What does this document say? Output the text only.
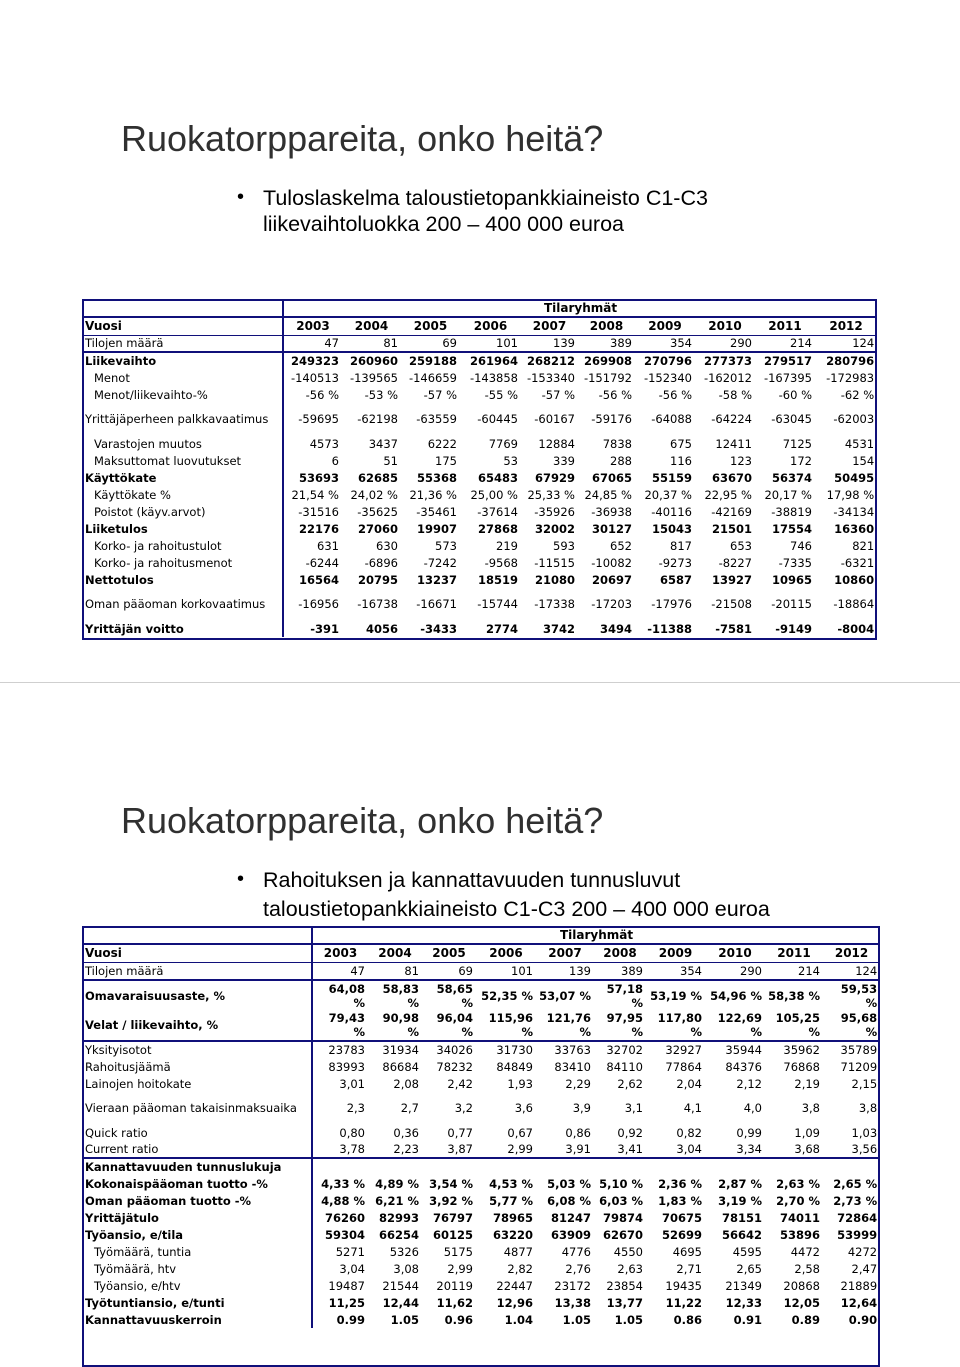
Ruokatorppareita, onko heitä?
• Tuloslaskelma taloustietopankkiaineisto C1-C3
liikevaihtoluokka 200 – 400 000 euroa
	Tilaryhmät									
Vuosi	2003	2004	2005	2006	2007	2008	2009	2010	2011	2012
Tilojen määrä	47	81	69	101	139	389	354	290	214	124
Liikevaihto	249323	260960	259188	261964	268212	269908	270796	277373	279517	280796
Menot	-140513	-139565	-146659	-143858	-153340	-151792	-152340	-162012	-167395	-172983
Menot/liikevaihto-%	-56 %	-53 %	-57 %	-55 %	-57 %	-56 %	-56 %	-58 %	-60 %	-62 %
Yrittäjäperheen palkkavaatimus	-59695	-62198	-63559	-60445	-60167	-59176	-64088	-64224	-63045	-62003
Varastojen muutos	4573	3437	6222	7769	12884	7838	675	12411	7125	4531
Maksuttomat luovutukset	6	51	175	53	339	288	116	123	172	154
Käyttökate	53693	62685	55368	65483	67929	67065	55159	63670	56374	50495
Käyttökate %	21,54 %	24,02 %	21,36 %	25,00 %	25,33 %	24,85 %	20,37 %	22,95 %	20,17 %	17,98 %
Poistot (käyv.arvot)	-31516	-35625	-35461	-37614	-35926	-36938	-40116	-42169	-38819	-34134
Liiketulos	22176	27060	19907	27868	32002	30127	15043	21501	17554	16360
Korko- ja rahoitustulot	631	630	573	219	593	652	817	653	746	821
Korko- ja rahoitusmenot	-6244	-6896	-7242	-9568	-11515	-10082	-9273	-8227	-7335	-6321
Nettotulos	16564	20795	13237	18519	21080	20697	6587	13927	10965	10860
Oman pääoman korkovaatimus	-16956	-16738	-16671	-15744	-17338	-17203	-17976	-21508	-20115	-18864
Yrittäjän voitto	-391	4056	-3433	2774	3742	3494	-11388	-7581	-9149	-8004
Ruokatorppareita, onko heitä?
• Rahoituksen ja kannattavuuden tunnusluvut
taloustietopankkiaineisto C1-C3 200 – 400 000 euroa
	Tilaryhmät									
Vuosi	2003	2004	2005	2006	2007	2008	2009	2010	2011	2012
Tilojen määrä	47	81	69	101	139	389	354	290	214	124
Omavaraisuusaste, %	64,08 %	58,83 %	58,65 %	52,35 %	53,07 %	57,18 %	53,19 %	54,96 %	58,38 %	59,53 %
Velat / liikevaihto, %	79,43 %	90,98 %	96,04 %	115,96 %	121,76 %	97,95 %	117,80 %	122,69 %	105,25 %	95,68 %
Yksityisotot	23783	31934	34026	31730	33763	32702	32927	35944	35962	35789
Rahoitusjäämä	83993	86684	78232	84849	83410	84110	77864	84376	76868	71209
Lainojen hoitokate	3,01	2,08	2,42	1,93	2,29	2,62	2,04	2,12	2,19	2,15
Vieraan pääoman takaisinmaksuaika	2,3	2,7	3,2	3,6	3,9	3,1	4,1	4,0	3,8	3,8
Quick ratio	0,80	0,36	0,77	0,67	0,86	0,92	0,82	0,99	1,09	1,03
Current ratio	3,78	2,23	3,87	2,99	3,91	3,41	3,04	3,34	3,68	3,56
Kannattavuuden tunnuslukuja										
Kokonaispääoman tuotto -%	4,33 %	4,89 %	3,54 %	4,53 %	5,03 %	5,10 %	2,36 %	2,87 %	2,63 %	2,65 %
Oman pääoman tuotto -%	4,88 %	6,21 %	3,92 %	5,77 %	6,08 %	6,03 %	1,83 %	3,19 %	2,70 %	2,73 %
Yrittäjätulo	76260	82993	76797	78965	81247	79874	70675	78151	74011	72864
Työansio, e/tila	59304	66254	60125	63220	63909	62670	52699	56642	53896	53999
Työmäärä, tuntia	5271	5326	5175	4877	4776	4550	4695	4595	4472	4272
Työmäärä, htv	3,04	3,08	2,99	2,82	2,76	2,63	2,71	2,65	2,58	2,47
Työansio, e/htv	19487	21544	20119	22447	23172	23854	19435	21349	20868	21889
Työtuntiansio, e/tunti	11,25	12,44	11,62	12,96	13,38	13,77	11,22	12,33	12,05	12,64
Kannattavuuskerroin	0.99	1.05	0.96	1.04	1.05	1.05	0.86	0.91	0.89	0.90
